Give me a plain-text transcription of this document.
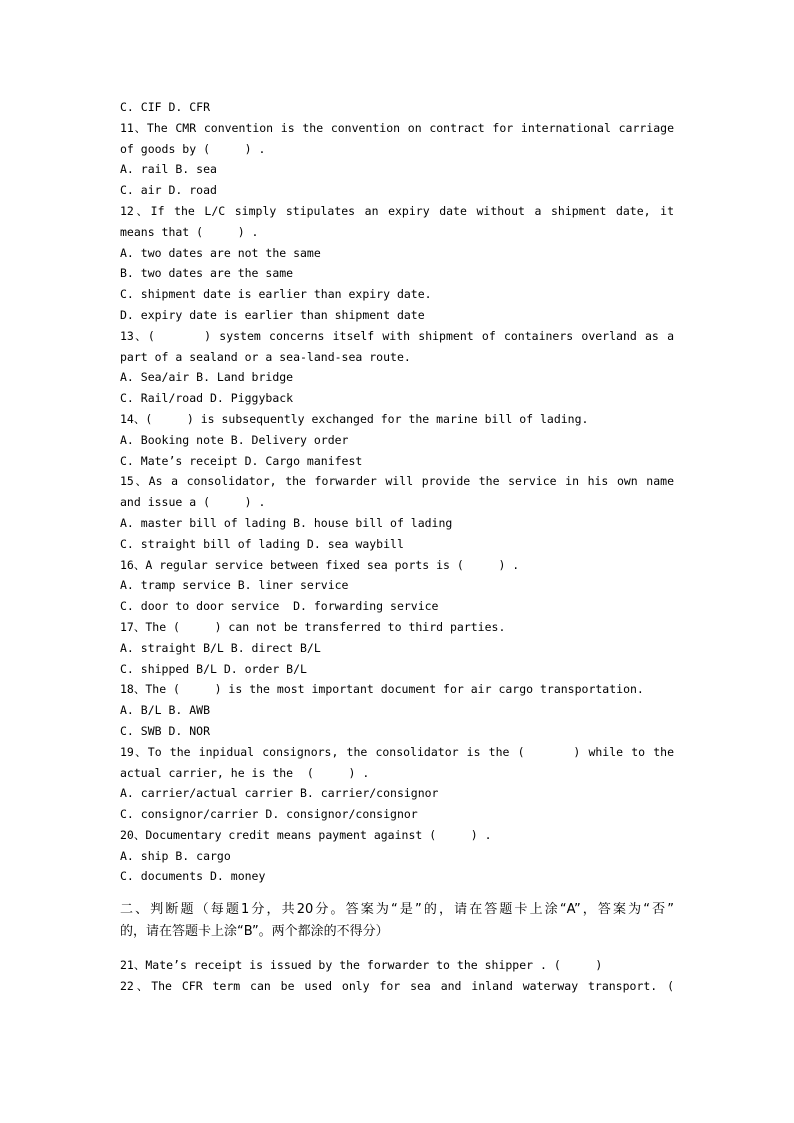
C. CIF D. CFR
11、The CMR convention is the convention on contract for international carriage
of goods by (     ) .
A. rail B. sea
C. air D. road
12、If the L/C simply stipulates an expiry date without a shipment date, it
means that (     ) .
A. two dates are not the same
B. two dates are the same
C. shipment date is earlier than expiry date.
D. expiry date is earlier than shipment date
13、(      ) system concerns itself with shipment of containers overland as a
part of a sealand or a sea-land-sea route.
A. Sea/air B. Land bridge
C. Rail/road D. Piggyback
14、(     ) is subsequently exchanged for the marine bill of lading.
A. Booking note B. Delivery order
C. Mate’s receipt D. Cargo manifest
15、As a consolidator, the forwarder will provide the service in his own name
and issue a (     ) .
A. master bill of lading B. house bill of lading
C. straight bill of lading D. sea waybill
16、A regular service between fixed sea ports is (     ) .
A. tramp service B. liner service
C. door to door service  D. forwarding service
17、The (     ) can not be transferred to third parties.
A. straight B/L B. direct B/L
C. shipped B/L D. order B/L
18、The (     ) is the most important document for air cargo transportation.
A. B/L B. AWB
C. SWB D. NOR
19、To the inpidual consignors, the consolidator is the (      ) while to the
actual carrier, he is the  (     ) .
A. carrier/actual carrier B. carrier/consignor
C. consignor/carrier D. consignor/consignor
20、Documentary credit means payment against (     ) .
A. ship B. cargo
C. documents D. money
二、判断题（每题1分，共20分。答案为“是”的，请在答题卡上涂“A”，答案为“否”
的，请在答题卡上涂“B”。两个都涂的不得分）
21、Mate’s receipt is issued by the forwarder to the shipper . (     )
22、The CFR term can be used only for sea and inland waterway transport. (
